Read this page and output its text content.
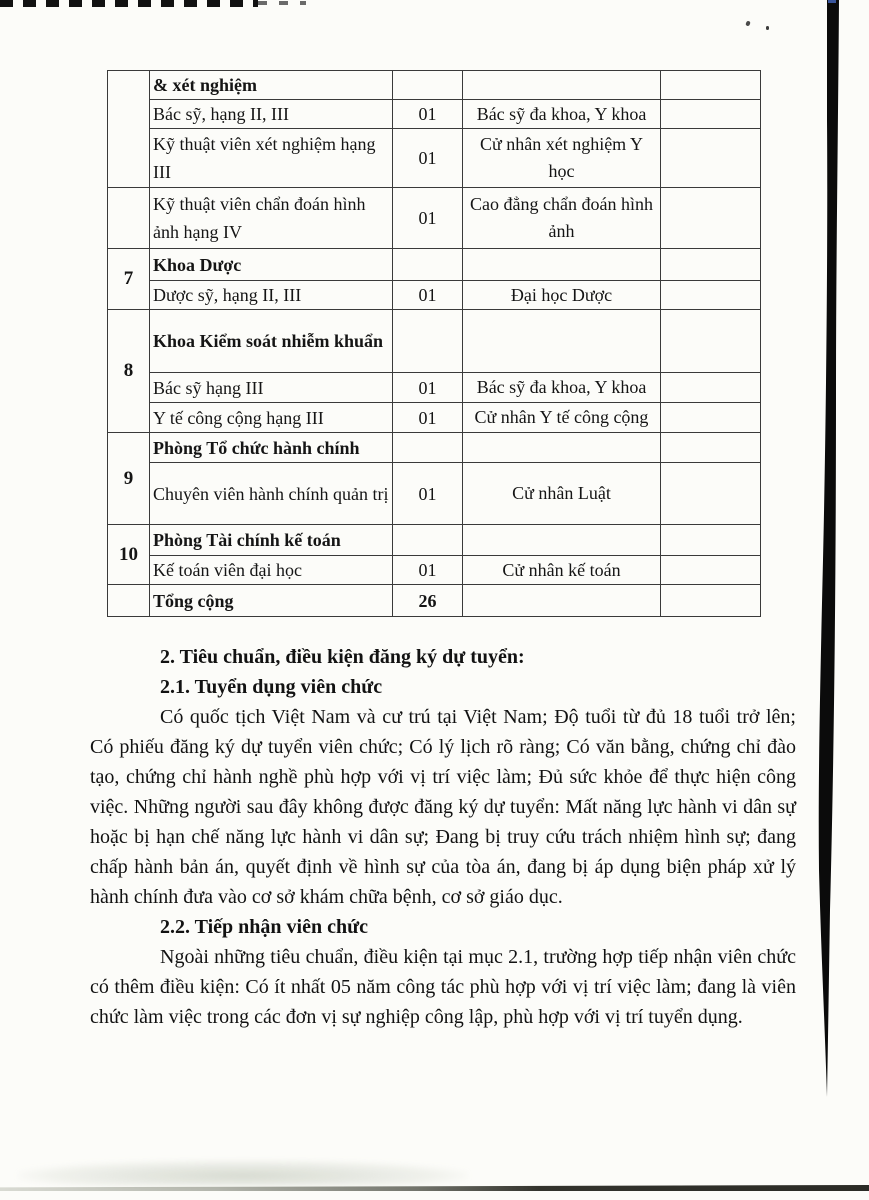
	& xét nghiệm			
	Bác sỹ, hạng II, III	01	Bác sỹ đa khoa, Y khoa	
	Kỹ thuật viên xét nghiệm hạng III	01	Cử nhân xét nghiệm Y học	
	Kỹ thuật viên chẩn đoán hình ảnh hạng IV	01	Cao đẳng chẩn đoán hình ảnh	
7	Khoa Dược			
	Dược sỹ, hạng II, III	01	Đại học Dược	
8	Khoa Kiểm soát nhiễm khuẩn			
	Bác sỹ hạng III	01	Bác sỹ đa khoa, Y khoa	
	Y tế công cộng hạng III	01	Cử nhân Y tế công cộng	
9	Phòng Tổ chức hành chính			
	Chuyên viên hành chính quản trị	01	Cử nhân Luật	
10	Phòng Tài chính kế toán			
	Kế toán viên đại học	01	Cử nhân kế toán	
	Tổng cộng	26		
2. Tiêu chuẩn, điều kiện đăng ký dự tuyển:
2.1. Tuyển dụng viên chức

Có quốc tịch Việt Nam và cư trú tại Việt Nam; Độ tuổi từ đủ 18 tuổi trở lên; Có phiếu đăng ký dự tuyển viên chức; Có lý lịch rõ ràng; Có văn bằng, chứng chỉ đào tạo, chứng chỉ hành nghề phù hợp với vị trí việc làm; Đủ sức khỏe để thực hiện công việc. Những người sau đây không được đăng ký dự tuyển: Mất năng lực hành vi dân sự hoặc bị hạn chế năng lực hành vi dân sự; Đang bị truy cứu trách nhiệm hình sự; đang chấp hành bản án, quyết định về hình sự của tòa án, đang bị áp dụng biện pháp xử lý hành chính đưa vào cơ sở khám chữa bệnh, cơ sở giáo dục.

2.2. Tiếp nhận viên chức

Ngoài những tiêu chuẩn, điều kiện tại mục 2.1, trường hợp tiếp nhận viên chức có thêm điều kiện: Có ít nhất 05 năm công tác phù hợp với vị trí việc làm; đang là viên chức làm việc trong các đơn vị sự nghiệp công lập, phù hợp với vị trí tuyển dụng.
